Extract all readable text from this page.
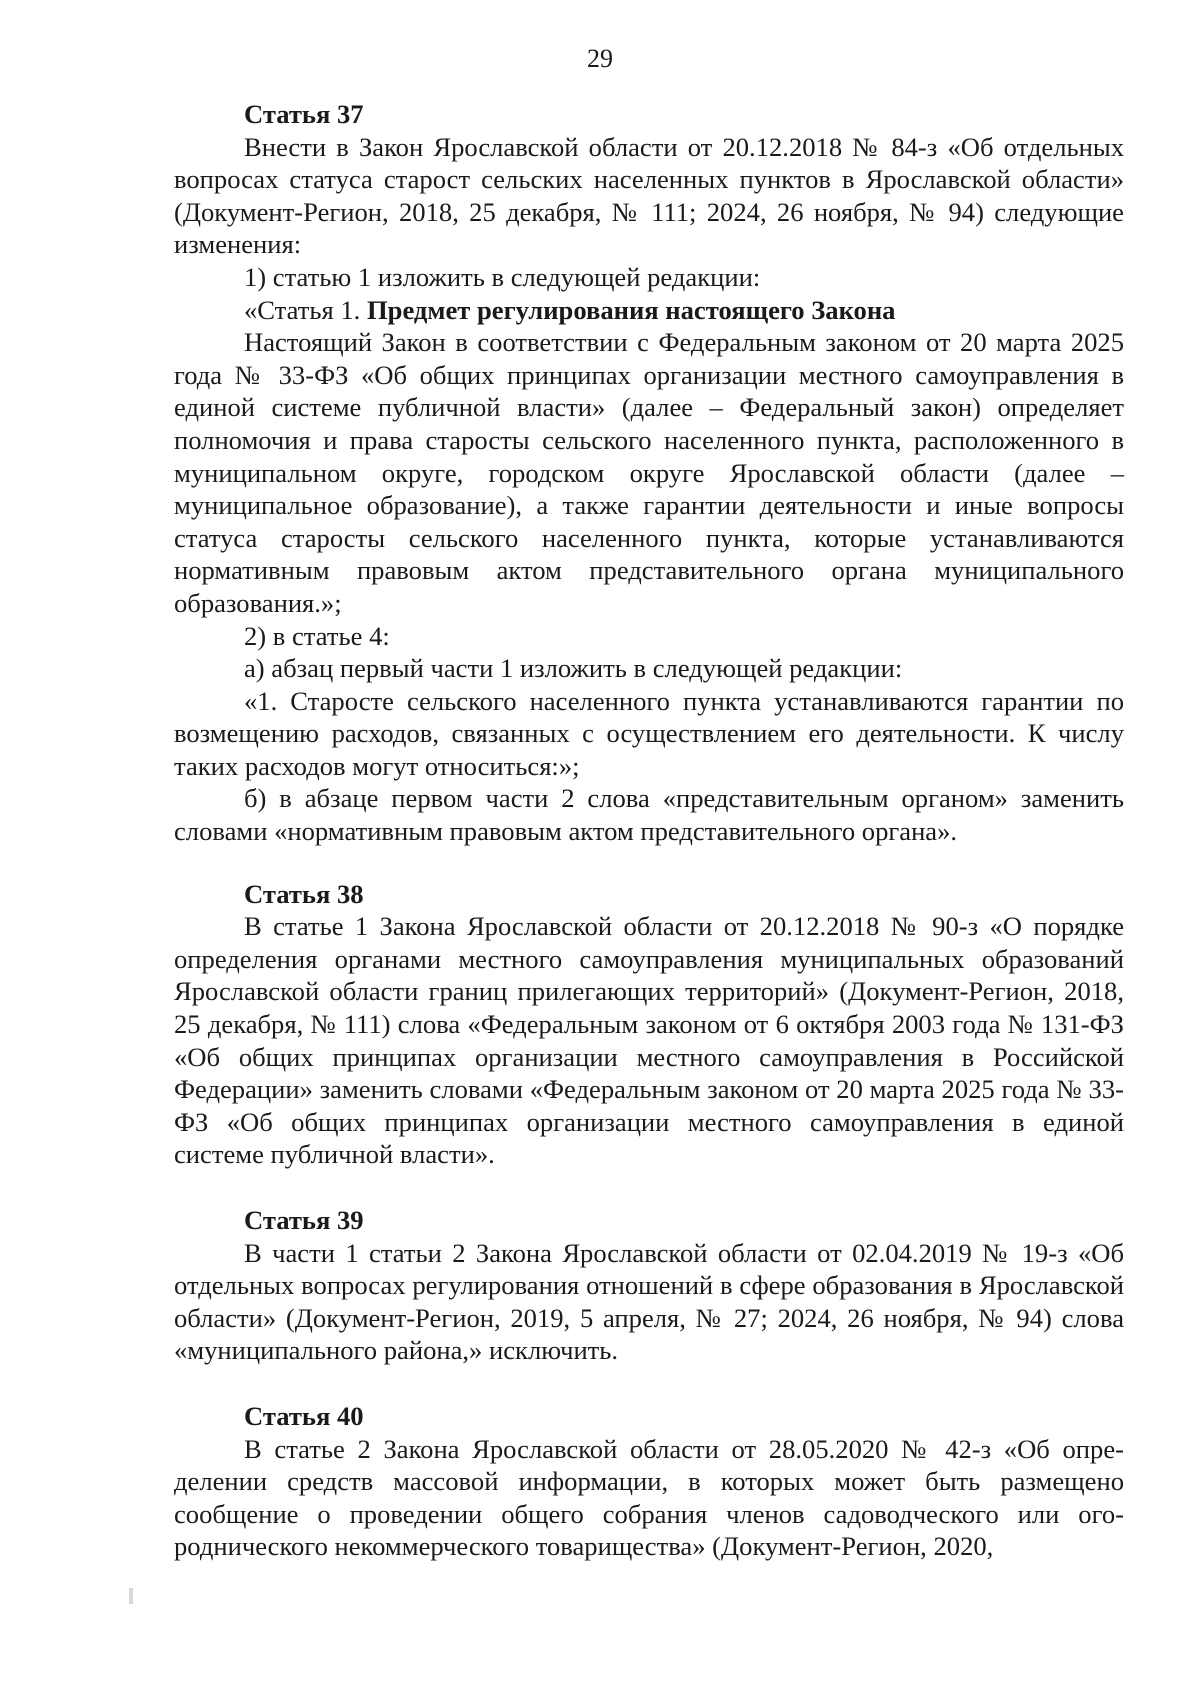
29

Статья 37

Внести в Закон Ярославской области от 20.12.2018 № 84-з «Об отдельных вопросах статуса старост сельских населенных пунктов в Ярославской области» (Документ-Регион, 2018, 25 декабря, № 111; 2024, 26 ноября, № 94) следующие изменения:

1) статью 1 изложить в следующей редакции:

«Статья 1. Предмет регулирования настоящего Закона

Настоящий Закон в соответствии с Федеральным законом от 20 марта 2025 года № 33-ФЗ «Об общих принципах организации местного самоуправления в единой системе публичной власти» (далее – Федеральный закон) определяет полномочия и права старосты сельского населенного пункта, расположенного в муниципальном округе, городском округе Ярославской области (далее – муниципальное образование), а также гарантии деятельности и иные вопросы статуса старосты сельского населенного пункта, которые устанавливаются нормативным правовым актом представительного органа муниципального образования.»;

2) в статье 4:

а) абзац первый части 1 изложить в следующей редакции:

«1. Старосте сельского населенного пункта устанавливаются гарантии по возмещению расходов, связанных с осуществлением его деятельности. К числу таких расходов могут относиться:»;

б) в абзаце первом части 2 слова «представительным органом» заменить словами «нормативным правовым актом представительного органа».

Статья 38

В статье 1 Закона Ярославской области от 20.12.2018 № 90-з «О порядке определения органами местного самоуправления муниципальных образований Ярославской области границ прилегающих территорий» (Документ-Регион, 2018, 25 декабря, № 111) слова «Федеральным законом от 6 октября 2003 года № 131-ФЗ «Об общих принципах организации местного самоуправления в Российской Федерации» заменить словами «Федеральным законом от 20 марта 2025 года № 33-ФЗ «Об общих принципах организации местного самоуправления в единой системе публичной власти».

Статья 39

В части 1 статьи 2 Закона Ярославской области от 02.04.2019 № 19-з «Об отдельных вопросах регулирования отношений в сфере образования в Ярославской области» (Документ-Регион, 2019, 5 апреля, № 27; 2024, 26 ноября, № 94) слова «муниципального района,» исключить.

Статья 40

В статье 2 Закона Ярославской области от 28.05.2020 № 42-з «Об определении средств массовой информации, в которых может быть размещено сообщение о проведении общего собрания членов садоводческого или огороднического некоммерческого товарищества» (Документ-Регион, 2020,
